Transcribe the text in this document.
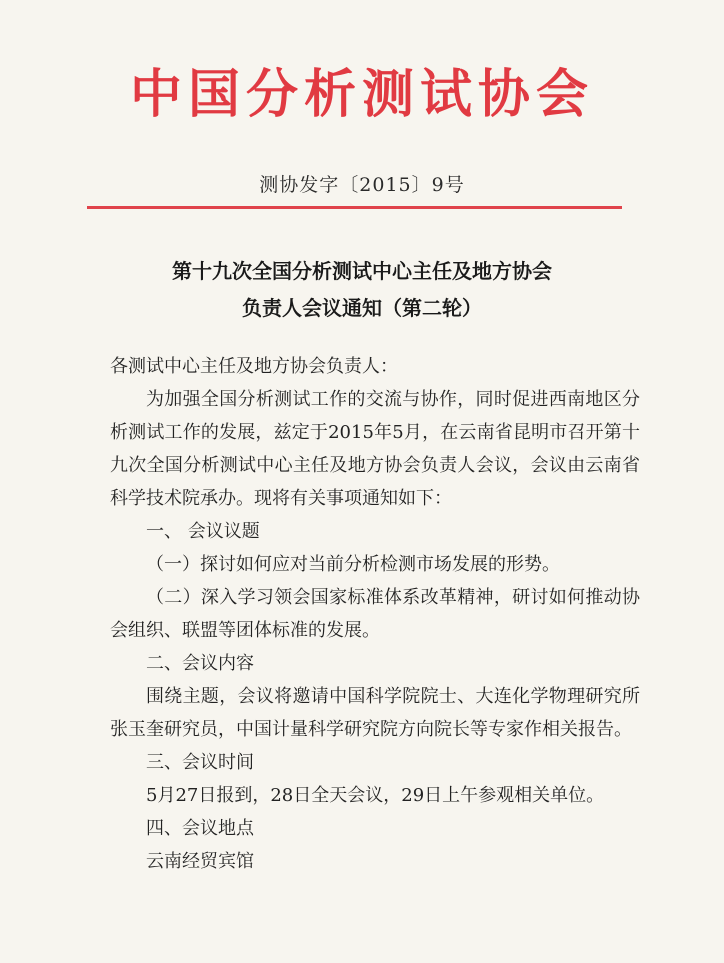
中国分析测试协会
测协发字〔2015〕9号
第十九次全国分析测试中心主任及地方协会
负责人会议通知（第二轮）

各测试中心主任及地方协会负责人：

为加强全国分析测试工作的交流与协作，同时促进西南地区分析测试工作的发展，兹定于2015年5月，在云南省昆明市召开第十九次全国分析测试中心主任及地方协会负责人会议，会议由云南省科学技术院承办。现将有关事项通知如下：

一、 会议议题

（一）探讨如何应对当前分析检测市场发展的形势。

（二）深入学习领会国家标准体系改革精神，研讨如何推动协会组织、联盟等团体标准的发展。

二、会议内容

围绕主题，会议将邀请中国科学院院士、大连化学物理研究所张玉奎研究员，中国计量科学研究院方向院长等专家作相关报告。

三、会议时间

5月27日报到，28日全天会议，29日上午参观相关单位。

四、会议地点

云南经贸宾馆
